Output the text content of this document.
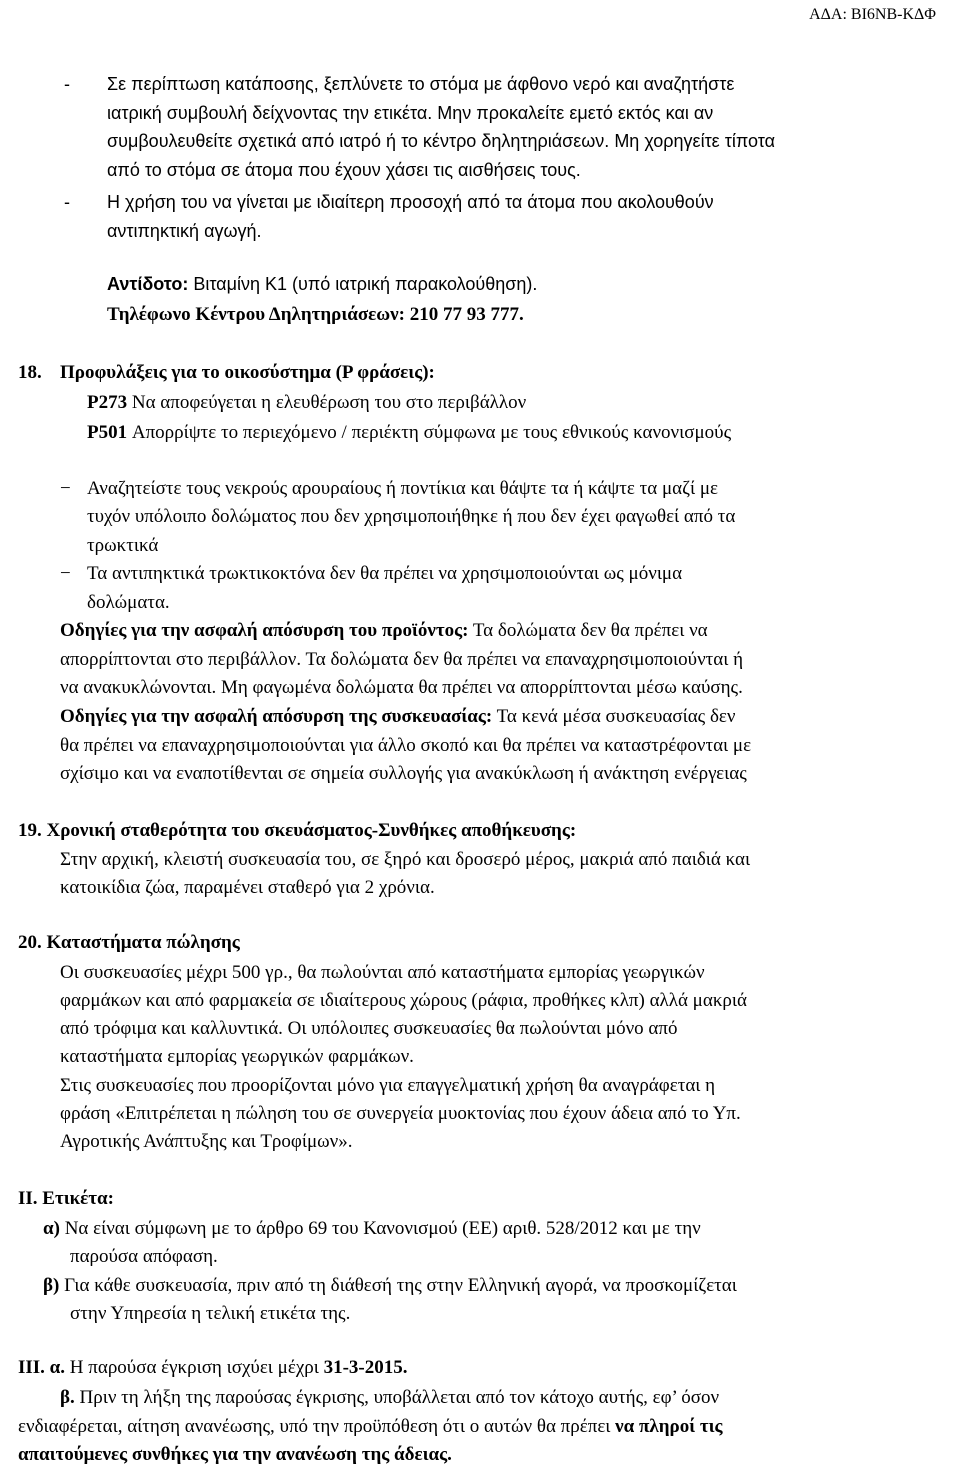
ΑΔΑ: ΒΙ6ΝΒ-ΚΔΦ
- Σε περίπτωση κατάποσης, ξεπλύνετε το στόμα με άφθονο νερό και αναζητήστε
ιατρική συμβουλή δείχνοντας την ετικέτα. Μην προκαλείτε εμετό εκτός και αν
συμβουλευθείτε σχετικά από ιατρό ή το κέντρο δηλητηριάσεων. Μη χορηγείτε τίποτα
από το στόμα σε άτομα που έχουν χάσει τις αισθήσεις τους.
- Η χρήση του να γίνεται με ιδιαίτερη προσοχή από τα άτομα που ακολουθούν
αντιπηκτική αγωγή.
Αντίδοτο: Βιταμίνη Κ1 (υπό ιατρική παρακολούθηση).
Τηλέφωνο Κέντρου Δηλητηριάσεων: 210 77 93 777.
18. Προφυλάξεις για το οικοσύστημα (P φράσεις):
P273 Να αποφεύγεται η ελευθέρωση του στο περιβάλλον
P501 Απορρίψτε το περιεχόμενο / περιέκτη σύμφωνα με τους εθνικούς κανονισμούς
− Αναζητείστε τους νεκρούς αρουραίους ή ποντίκια και θάψτε τα ή κάψτε τα μαζί με
τυχόν υπόλοιπο δολώματος που δεν χρησιμοποιήθηκε ή που δεν έχει φαγωθεί από τα
τρωκτικά
− Τα αντιπηκτικά τρωκτικοκτόνα δεν θα πρέπει να χρησιμοποιούνται ως μόνιμα
δολώματα.
Οδηγίες για την ασφαλή απόσυρση του προϊόντος: Τα δολώματα δεν θα πρέπει να
απορρίπτονται στο περιβάλλον. Τα δολώματα δεν θα πρέπει να επαναχρησιμοποιούνται ή
να ανακυκλώνονται. Μη φαγωμένα δολώματα θα πρέπει να απορρίπτονται μέσω καύσης.
Οδηγίες για την ασφαλή απόσυρση της συσκευασίας: Τα κενά μέσα συσκευασίας δεν
θα πρέπει να επαναχρησιμοποιούνται για άλλο σκοπό και θα πρέπει να καταστρέφονται με
σχίσιμο και να εναποτίθενται σε σημεία συλλογής για ανακύκλωση ή ανάκτηση ενέργειας
19. Χρονική σταθερότητα του σκευάσματος-Συνθήκες αποθήκευσης:
Στην αρχική, κλειστή συσκευασία του, σε ξηρό και δροσερό μέρος, μακριά από παιδιά και
κατοικίδια ζώα, παραμένει σταθερό για 2 χρόνια.
20. Καταστήματα πώλησης
Οι συσκευασίες μέχρι 500 γρ., θα πωλούνται από καταστήματα εμπορίας γεωργικών
φαρμάκων και από φαρμακεία σε ιδιαίτερους χώρους (ράφια, προθήκες κλπ) αλλά μακριά
από τρόφιμα και καλλυντικά. Οι υπόλοιπες συσκευασίες θα πωλούνται μόνο από
καταστήματα εμπορίας γεωργικών φαρμάκων.
Στις συσκευασίες που προορίζονται μόνο για επαγγελματική χρήση θα αναγράφεται η
φράση «Επιτρέπεται η πώληση του σε συνεργεία μυοκτονίας που έχουν άδεια από το Υπ.
Αγροτικής Ανάπτυξης και Τροφίμων».
ΙΙ. Ετικέτα:
α) Να είναι σύμφωνη με το άρθρο 69 του Κανονισμού (ΕΕ) αριθ. 528/2012 και με την
παρούσα απόφαση.
β) Για κάθε συσκευασία, πριν από τη διάθεσή της στην Ελληνική αγορά, να προσκομίζεται
στην Υπηρεσία η τελική ετικέτα της.
ΙΙΙ. α. Η παρούσα έγκριση ισχύει μέχρι 31-3-2015.
β. Πριν τη λήξη της παρούσας έγκρισης, υποβάλλεται από τον κάτοχο αυτής, εφ’ όσον
ενδιαφέρεται, αίτηση ανανέωσης, υπό την προϋπόθεση ότι ο αυτών θα πρέπει να πληροί τις
απαιτούμενες συνθήκες για την ανανέωση της άδειας.
